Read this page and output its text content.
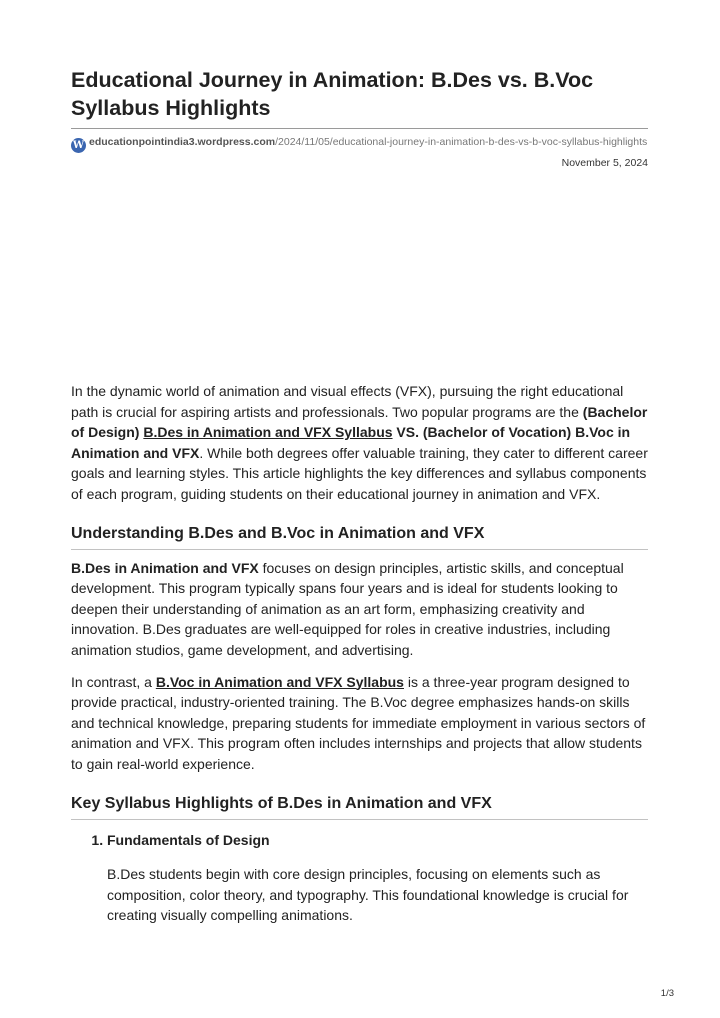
Educational Journey in Animation: B.Des vs. B.Voc Syllabus Highlights
W educationpointindia3.wordpress.com/2024/11/05/educational-journey-in-animation-b-des-vs-b-voc-syllabus-highlights
November 5, 2024

In the dynamic world of animation and visual effects (VFX), pursuing the right educational path is crucial for aspiring artists and professionals. Two popular programs are the (Bachelor of Design) B.Des in Animation and VFX Syllabus VS. (Bachelor of Vocation) B.Voc in Animation and VFX. While both degrees offer valuable training, they cater to different career goals and learning styles. This article highlights the key differences and syllabus components of each program, guiding students on their educational journey in animation and VFX.

Understanding B.Des and B.Voc in Animation and VFX

B.Des in Animation and VFX focuses on design principles, artistic skills, and conceptual development. This program typically spans four years and is ideal for students looking to deepen their understanding of animation as an art form, emphasizing creativity and innovation. B.Des graduates are well-equipped for roles in creative industries, including animation studios, game development, and advertising.

In contrast, a B.Voc in Animation and VFX Syllabus is a three-year program designed to provide practical, industry-oriented training. The B.Voc degree emphasizes hands-on skills and technical knowledge, preparing students for immediate employment in various sectors of animation and VFX. This program often includes internships and projects that allow students to gain real-world experience.

Key Syllabus Highlights of B.Des in Animation and VFX
1. Fundamentals of Design
B.Des students begin with core design principles, focusing on elements such as composition, color theory, and typography. This foundational knowledge is crucial for creating visually compelling animations.
1/3
